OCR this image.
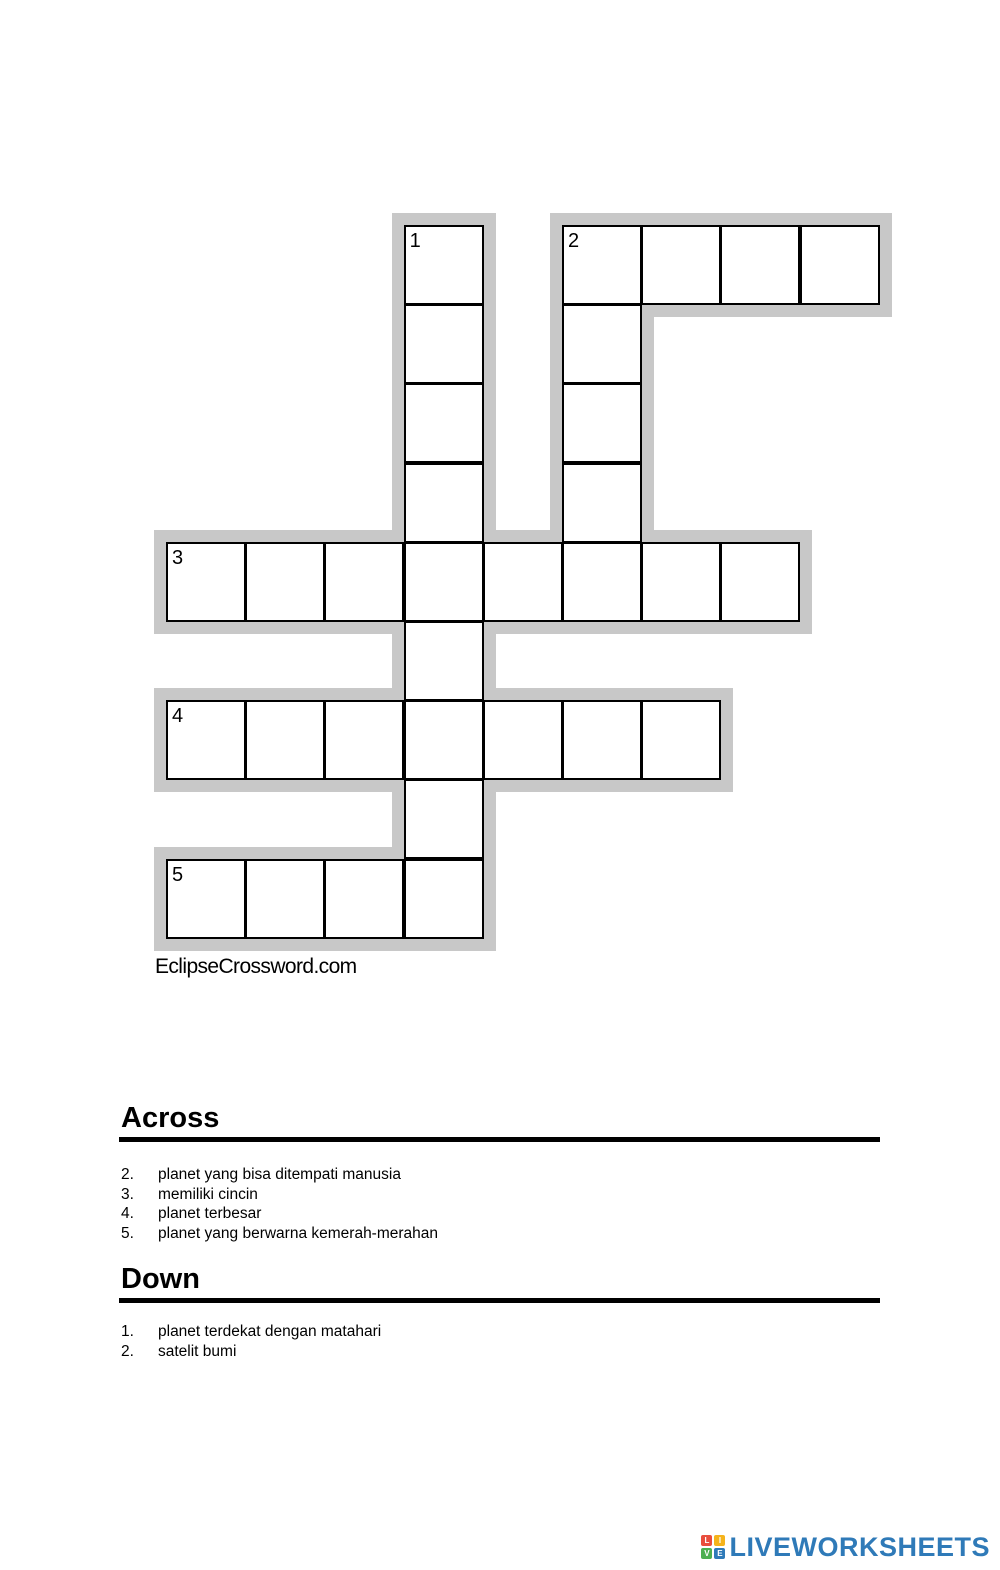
1	2
3
4
5
EclipseCrossword.com
Across
2.	planet yang bisa ditempati manusia
3.	memiliki cincin
4.	planet terbesar
5.	planet yang berwarna kemerah-merahan
Down
1.	planet terdekat dengan matahari
2.	satelit bumi
L	I
V E LIVEWORKSHEETS
